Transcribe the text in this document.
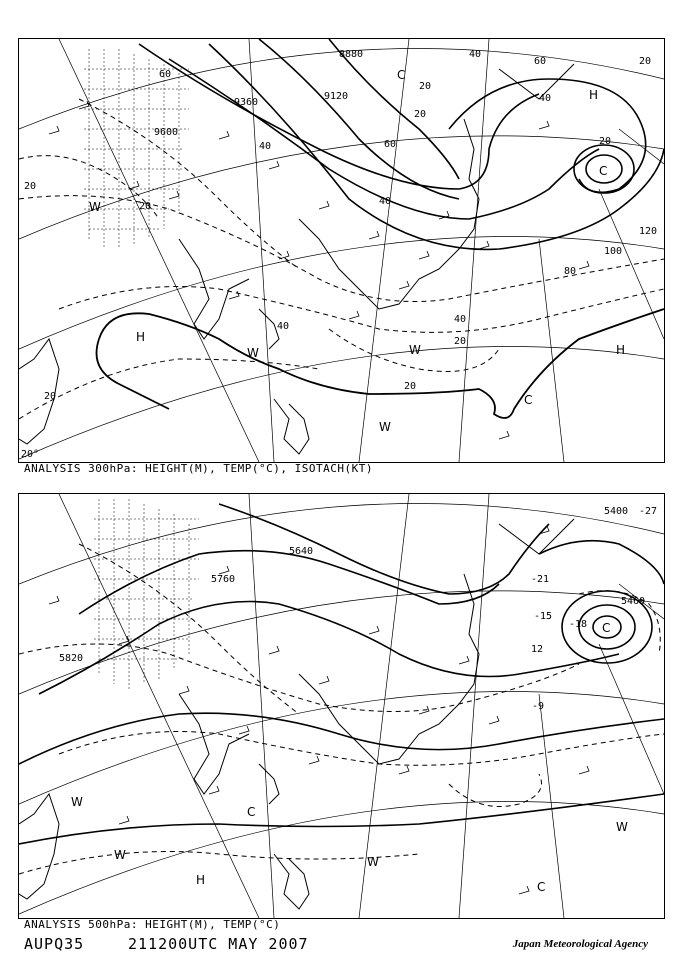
9600
9360
9120
8880
20
20
20
20
20
20
20
20
40
40
40
40
40
40
60
60
80
100
120
60
20
H
H
H
C
C
C
W	W
W
W
20°
ANALYSIS 300hPa: HEIGHT(M), TEMP(°C), ISOTACH(KT)
5820
5760
5640
5460
5400
-15
-18
12
-9
-21
-27
H
C
C
C
W
W
W
W
ANALYSIS 500hPa: HEIGHT(M), TEMP(°C)
AUPQ35	211200UTC MAY 2007	Japan Meteorological Agency
